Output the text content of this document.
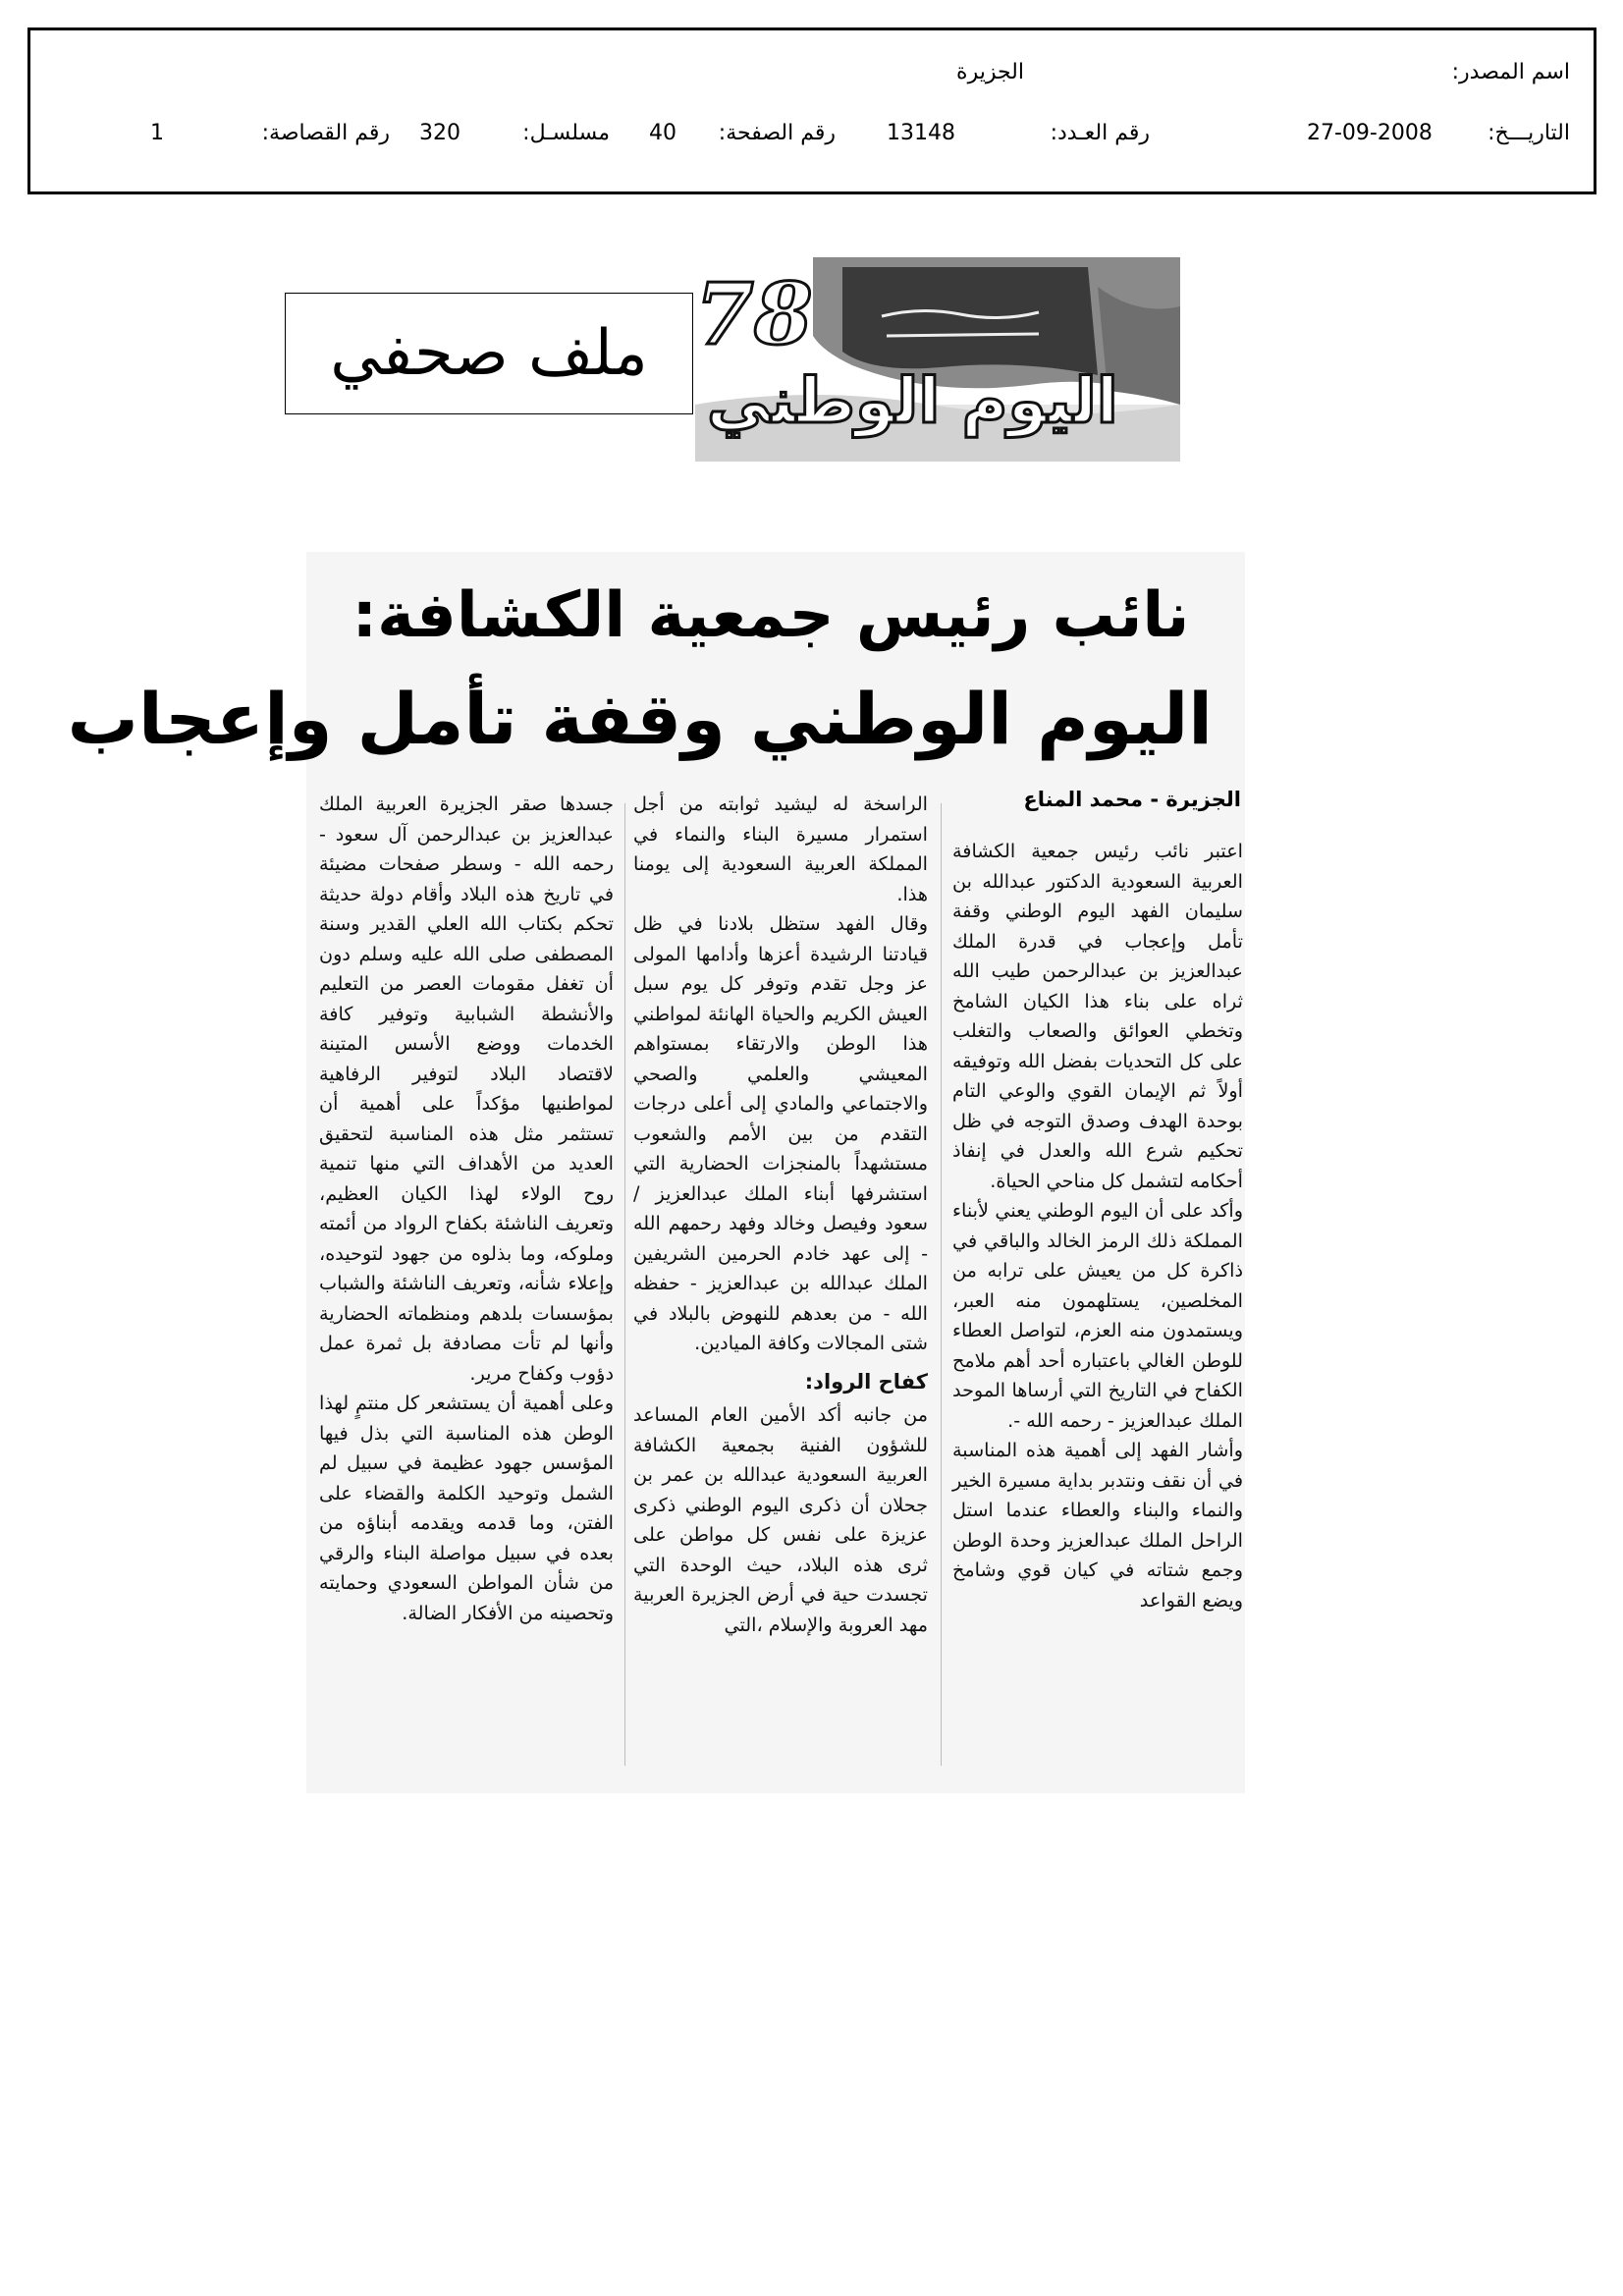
اسم المصدر:
الجزيرة
التاريـــخ:
27-09-2008
رقم العـدد:
13148
رقم الصفحة:
40
مسلسـل:
320
رقم القصاصة:
1
78
اليوم الوطني
ملف صحفي
نائب رئيس جمعية الكشافة:
اليوم الوطني وقفة تأمل وإعجاب
الجزيرة - محمد المناع

اعتبر نائب رئيس جمعية الكشافة العربية السعودية الدكتور عبدالله بن سليمان الفهد اليوم الوطني وقفة تأمل وإعجاب في قدرة الملك عبدالعزيز بن عبدالرحمن طيب الله ثراه على بناء هذا الكيان الشامخ وتخطي العوائق والصعاب والتغلب على كل التحديات بفضل الله وتوفيقه أولاً ثم الإيمان القوي والوعي التام بوحدة الهدف وصدق التوجه في ظل تحكيم شرع الله والعدل في إنفاذ أحكامه لتشمل كل مناحي الحياة.

وأكد على أن اليوم الوطني يعني لأبناء المملكة ذلك الرمز الخالد والباقي في ذاكرة كل من يعيش على ترابه من المخلصين، يستلهمون منه العبر، ويستمدون منه العزم، لتواصل العطاء للوطن الغالي باعتباره أحد أهم ملامح الكفاح في التاريخ التي أرساها الموحد الملك عبدالعزيز - رحمه الله -.

وأشار الفهد إلى أهمية هذه المناسبة في أن نقف ونتدبر بداية مسيرة الخير والنماء والبناء والعطاء عندما استل الراحل الملك عبدالعزيز وحدة الوطن وجمع شتاته في كيان قوي وشامخ ويضع القواعد

الراسخة له ليشيد ثوابته من أجل استمرار مسيرة البناء والنماء في المملكة العربية السعودية إلى يومنا هذا.

وقال الفهد ستظل بلادنا في ظل قيادتنا الرشيدة أعزها وأدامها المولى عز وجل تقدم وتوفر كل يوم سبل العيش الكريم والحياة الهانئة لمواطني هذا الوطن والارتقاء بمستواهم المعيشي والعلمي والصحي والاجتماعي والمادي إلى أعلى درجات التقدم من بين الأمم والشعوب مستشهداً بالمنجزات الحضارية التي استشرفها أبناء الملك عبدالعزيز / سعود وفيصل وخالد وفهد رحمهم الله - إلى عهد خادم الحرمين الشريفين الملك عبدالله بن عبدالعزيز - حفظه الله - من بعدهم للنهوض بالبلاد في شتى المجالات وكافة الميادين.

كفاح الرواد:

من جانبه أكد الأمين العام المساعد للشؤون الفنية بجمعية الكشافة العربية السعودية عبدالله بن عمر بن جحلان أن ذكرى اليوم الوطني ذكرى عزيزة على نفس كل مواطن على ثرى هذه البلاد، حيث الوحدة التي تجسدت حية في أرض الجزيرة العربية مهد العروبة والإسلام ،التي

جسدها صقر الجزيرة العربية الملك عبدالعزيز بن عبدالرحمن آل سعود - رحمه الله - وسطر صفحات مضيئة في تاريخ هذه البلاد وأقام دولة حديثة تحكم بكتاب الله العلي القدير وسنة المصطفى صلى الله عليه وسلم دون أن تغفل مقومات العصر من التعليم والأنشطة الشبابية وتوفير كافة الخدمات ووضع الأسس المتينة لاقتصاد البلاد لتوفير الرفاهية لمواطنيها مؤكداً على أهمية أن تستثمر مثل هذه المناسبة لتحقيق العديد من الأهداف التي منها تنمية روح الولاء لهذا الكيان العظيم، وتعريف الناشئة بكفاح الرواد من أئمته وملوكه، وما بذلوه من جهود لتوحيده، وإعلاء شأنه، وتعريف الناشئة والشباب بمؤسسات بلدهم ومنظماته الحضارية وأنها لم تأت مصادفة بل ثمرة عمل دؤوب وكفاح مرير.

وعلى أهمية أن يستشعر كل منتمٍ لهذا الوطن هذه المناسبة التي بذل فيها المؤسس جهود عظيمة في سبيل لم الشمل وتوحيد الكلمة والقضاء على الفتن، وما قدمه ويقدمه أبناؤه من بعده في سبيل مواصلة البناء والرقي من شأن المواطن السعودي وحمايته وتحصينه من الأفكار الضالة.
